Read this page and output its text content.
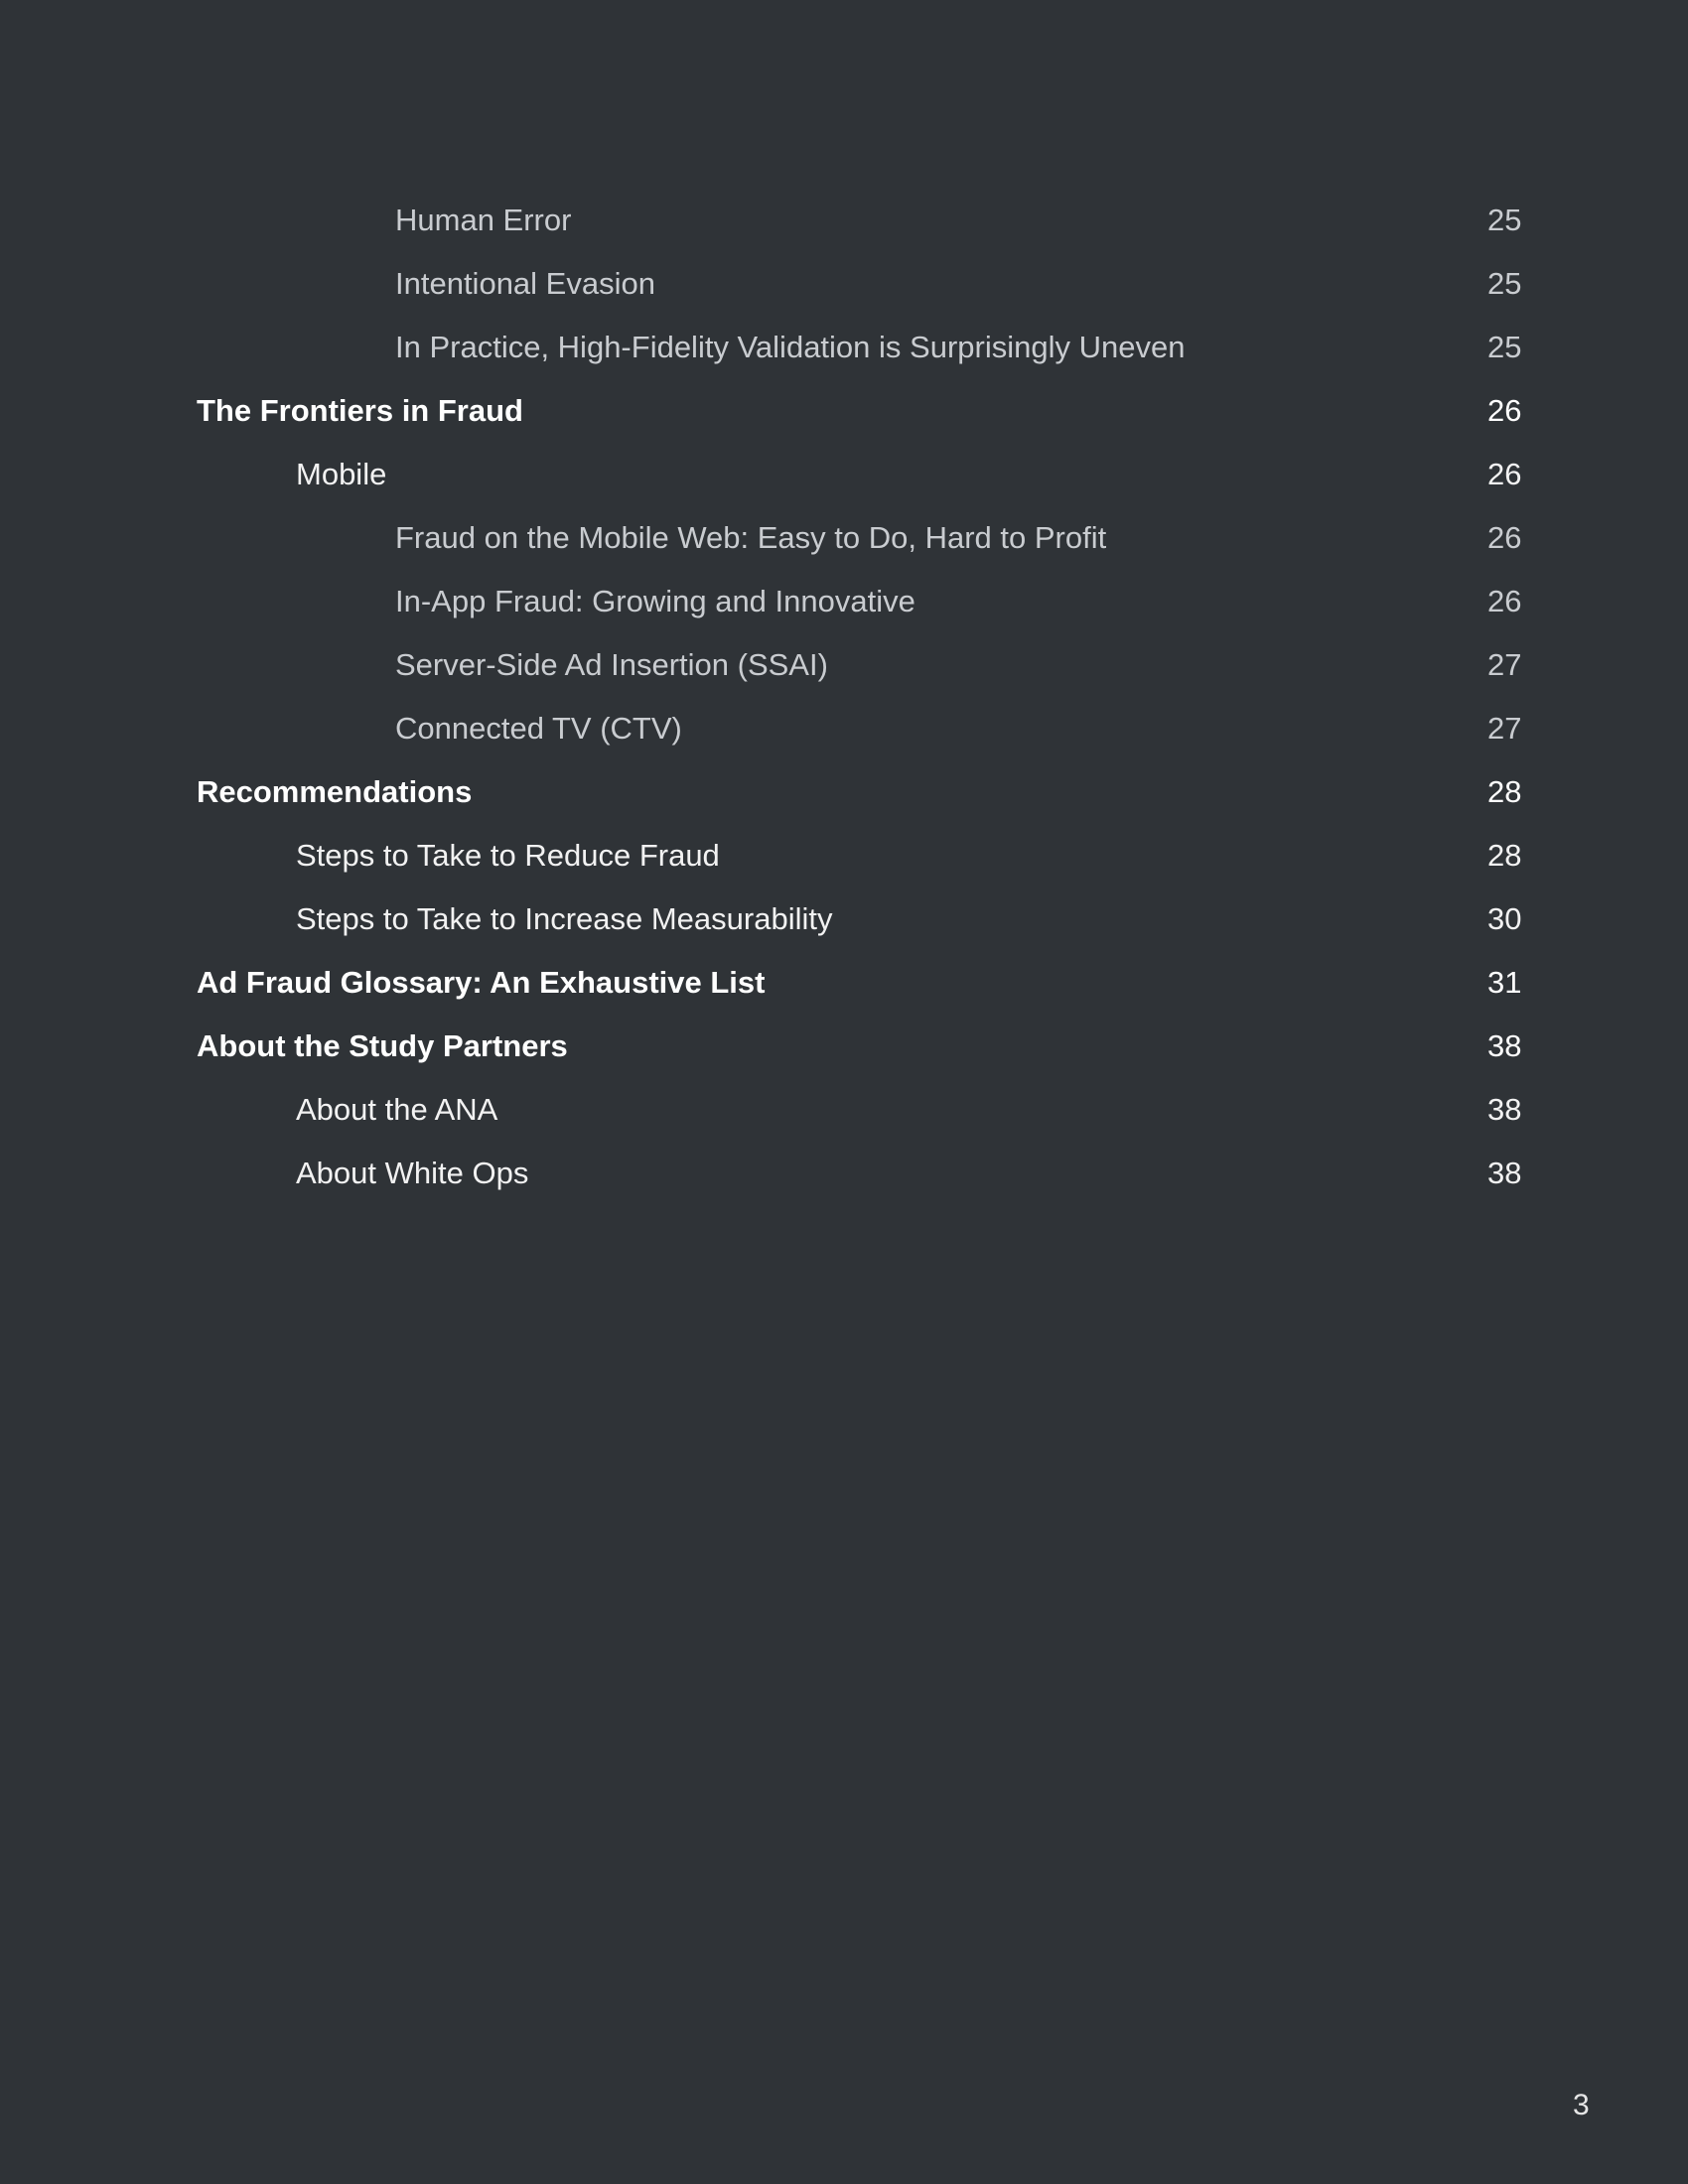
Human Error	25
Intentional Evasion	25
In Practice, High-Fidelity Validation is Surprisingly Uneven	25
The Frontiers in Fraud	26
Mobile	26
Fraud on the Mobile Web: Easy to Do, Hard to Profit	26
In-App Fraud: Growing and Innovative	26
Server-Side Ad Insertion (SSAI)	27
Connected TV (CTV)	27
Recommendations	28
Steps to Take to Reduce Fraud	28
Steps to Take to Increase Measurability	30
Ad Fraud Glossary: An Exhaustive List	31
About the Study Partners	38
About the ANA	38
About White Ops	38
3
